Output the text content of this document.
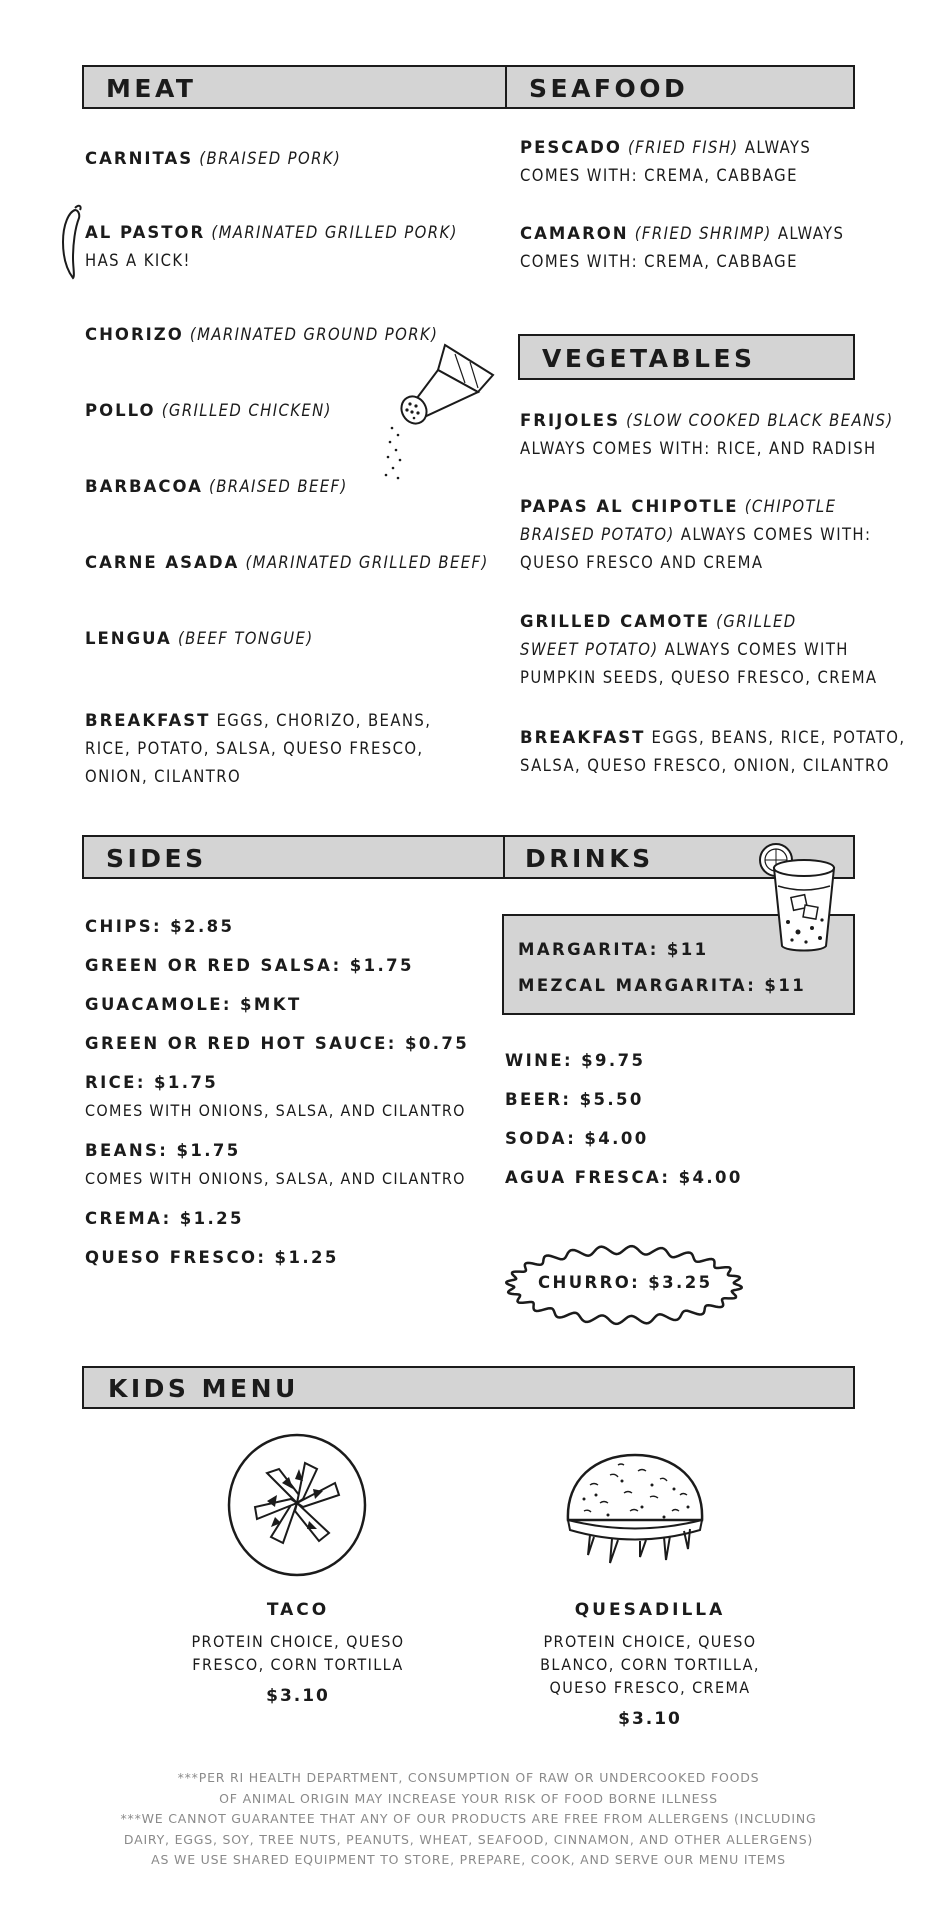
MEAT	SEAFOOD
CARNITAS (BRAISED PORK)
AL PASTOR (MARINATED GRILLED PORK)
HAS A KICK!
CHORIZO (MARINATED GROUND PORK)
POLLO (GRILLED CHICKEN)
BARBACOA (BRAISED BEEF)
CARNE ASADA (MARINATED GRILLED BEEF)
LENGUA (BEEF TONGUE)
BREAKFAST EGGS, CHORIZO, BEANS,
RICE, POTATO, SALSA, QUESO FRESCO,
ONION, CILANTRO
PESCADO (FRIED FISH) ALWAYS
COMES WITH: CREMA, CABBAGE
CAMARON (FRIED SHRIMP) ALWAYS
COMES WITH: CREMA, CABBAGE
VEGETABLES
FRIJOLES (SLOW COOKED BLACK BEANS)
ALWAYS COMES WITH: RICE, AND RADISH
PAPAS AL CHIPOTLE (CHIPOTLE
BRAISED POTATO) ALWAYS COMES WITH:
QUESO FRESCO AND CREMA
GRILLED CAMOTE (GRILLED
SWEET POTATO) ALWAYS COMES WITH
PUMPKIN SEEDS, QUESO FRESCO, CREMA
BREAKFAST EGGS, BEANS, RICE, POTATO,
SALSA, QUESO FRESCO, ONION, CILANTRO
SIDES	DRINKS
CHIPS: $2.85
GREEN OR RED SALSA: $1.75
GUACAMOLE: $MKT
GREEN OR RED HOT SAUCE: $0.75
RICE: $1.75
COMES WITH ONIONS, SALSA, AND CILANTRO
BEANS: $1.75
COMES WITH ONIONS, SALSA, AND CILANTRO
CREMA: $1.25
QUESO FRESCO: $1.25
MARGARITA: $11
MEZCAL MARGARITA: $11
WINE: $9.75
BEER: $5.50
SODA: $4.00
AGUA FRESCA: $4.00
CHURRO: $3.25
KIDS MENU
TACO
PROTEIN CHOICE, QUESO
FRESCO, CORN TORTILLA
$3.10
QUESADILLA
PROTEIN CHOICE, QUESO
BLANCO, CORN TORTILLA,
QUESO FRESCO, CREMA
$3.10
***PER RI HEALTH DEPARTMENT, CONSUMPTION OF RAW OR UNDERCOOKED FOODS
OF ANIMAL ORIGIN MAY INCREASE YOUR RISK OF FOOD BORNE ILLNESS
***WE CANNOT GUARANTEE THAT ANY OF OUR PRODUCTS ARE FREE FROM ALLERGENS (INCLUDING
DAIRY, EGGS, SOY, TREE NUTS, PEANUTS, WHEAT, SEAFOOD, CINNAMON, AND OTHER ALLERGENS)
AS WE USE SHARED EQUIPMENT TO STORE, PREPARE, COOK, AND SERVE OUR MENU ITEMS
